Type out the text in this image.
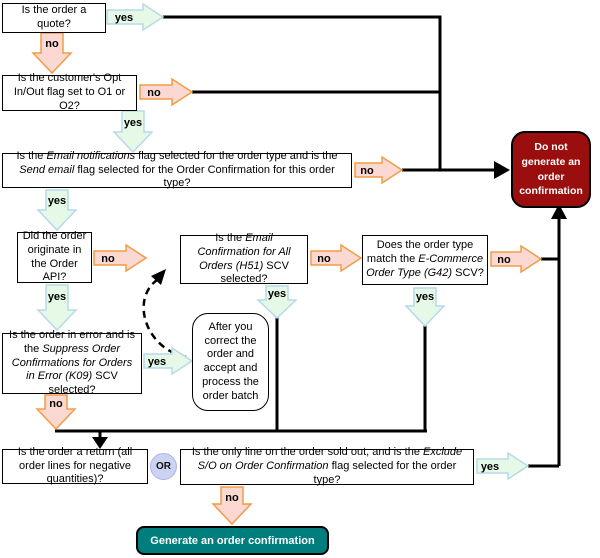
yes
no
no
yes
no
yes
no
yes
no
yes
no
yes
yes
no
yes
no
Is the order a quote?
Is the customer's Opt In/Out flag set to O1 or O2?
Is the Email notifications flag selected for the order type and is the Send email flag selected for the Order Confirmation for this order type?
Did the order originate in the Order API?
Is the Email Confirmation for All Orders (H51) SCV selected?
Does the order type match the E-Commerce Order Type (G42) SCV?
Is the order in error and is the Suppress Order Confirmations for Orders in Error (K09) SCV selected?
After you correct the order and accept and process the order batch
Is the order a return (all order lines for negative quantities)?
OR
Is the only line on the order sold out, and is the Exclude S/O on Order Confirmation flag selected for the order type?
Do not generate an order confirmation
Generate an order confirmation
